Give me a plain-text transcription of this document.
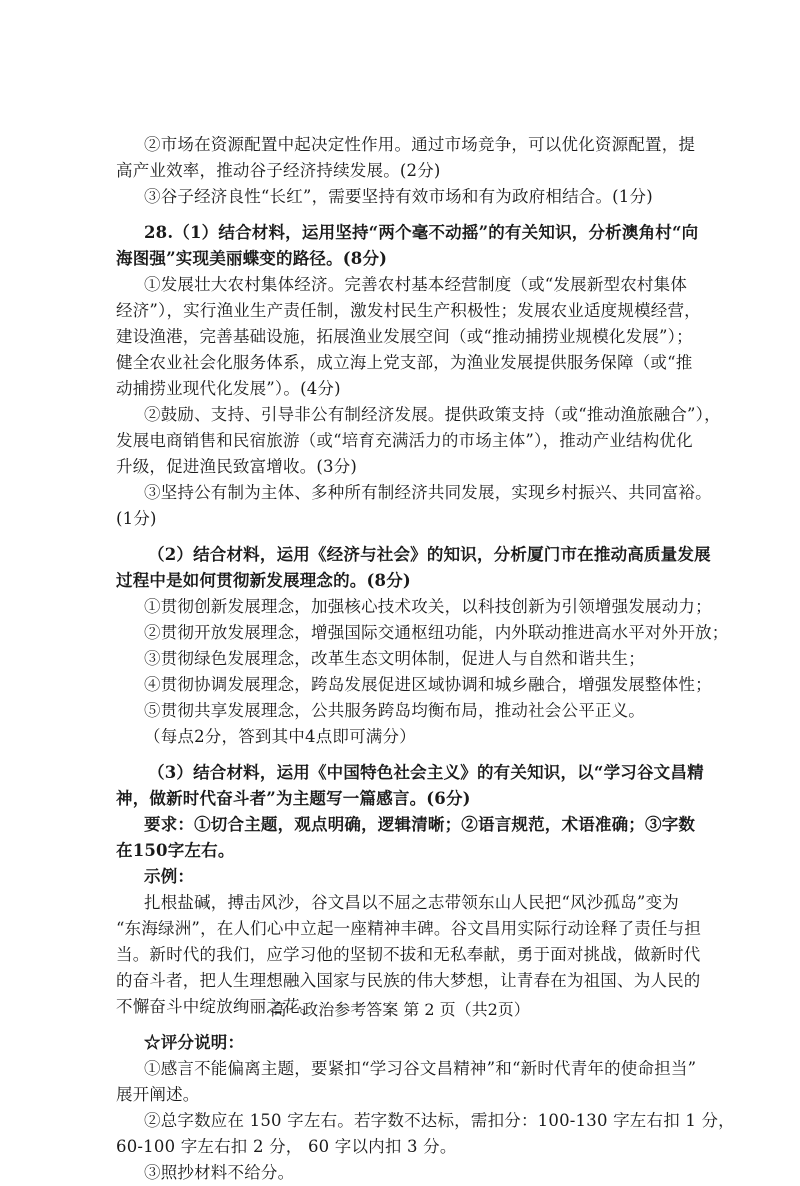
②市场在资源配置中起决定性作用。通过市场竞争，可以优化资源配置，提
高产业效率，推动谷子经济持续发展。(2分)
③谷子经济良性“长红”，需要坚持有效市场和有为政府相结合。(1分)
28.（1）结合材料，运用坚持“两个毫不动摇”的有关知识，分析澳角村“向
海图强”实现美丽蝶变的路径。(8分)
①发展壮大农村集体经济。完善农村基本经营制度（或“发展新型农村集体
经济”），实行渔业生产责任制，激发村民生产积极性；发展农业适度规模经营，
建设渔港，完善基础设施，拓展渔业发展空间（或“推动捕捞业规模化发展”）；
健全农业社会化服务体系，成立海上党支部，为渔业发展提供服务保障（或“推
动捕捞业现代化发展”）。(4分)
②鼓励、支持、引导非公有制经济发展。提供政策支持（或“推动渔旅融合”），
发展电商销售和民宿旅游（或“培育充满活力的市场主体”），推动产业结构优化
升级，促进渔民致富增收。(3分)
③坚持公有制为主体、多种所有制经济共同发展，实现乡村振兴、共同富裕。
(1分)
（2）结合材料，运用《经济与社会》的知识，分析厦门市在推动高质量发展
过程中是如何贯彻新发展理念的。(8分)
①贯彻创新发展理念，加强核心技术攻关，以科技创新为引领增强发展动力；
②贯彻开放发展理念，增强国际交通枢纽功能，内外联动推进高水平对外开放；
③贯彻绿色发展理念，改革生态文明体制，促进人与自然和谐共生；
④贯彻协调发展理念，跨岛发展促进区域协调和城乡融合，增强发展整体性；
⑤贯彻共享发展理念，公共服务跨岛均衡布局，推动社会公平正义。
（每点2分，答到其中4点即可满分）
（3）结合材料，运用《中国特色社会主义》的有关知识，以“学习谷文昌精
神，做新时代奋斗者”为主题写一篇感言。(6分)
要求：①切合主题，观点明确，逻辑清晰；②语言规范，术语准确；③字数
在150字左右。
示例：
扎根盐碱，搏击风沙，谷文昌以不屈之志带领东山人民把“风沙孤岛”变为
“东海绿洲”，在人们心中立起一座精神丰碑。谷文昌用实际行动诠释了责任与担
当。新时代的我们，应学习他的坚韧不拔和无私奉献，勇于面对挑战，做新时代
的奋斗者，把人生理想融入国家与民族的伟大梦想，让青春在为祖国、为人民的
不懈奋斗中绽放绚丽之花。
☆评分说明：
①感言不能偏离主题，要紧扣“学习谷文昌精神”和“新时代青年的使命担当”
展开阐述。
②总字数应在 150 字左右。若字数不达标，需扣分：100-130 字左右扣 1 分，
60-100 字左右扣 2 分， 60 字以内扣 3 分。
③照抄材料不给分。
高一政治参考答案 第 2 页（共2页）
